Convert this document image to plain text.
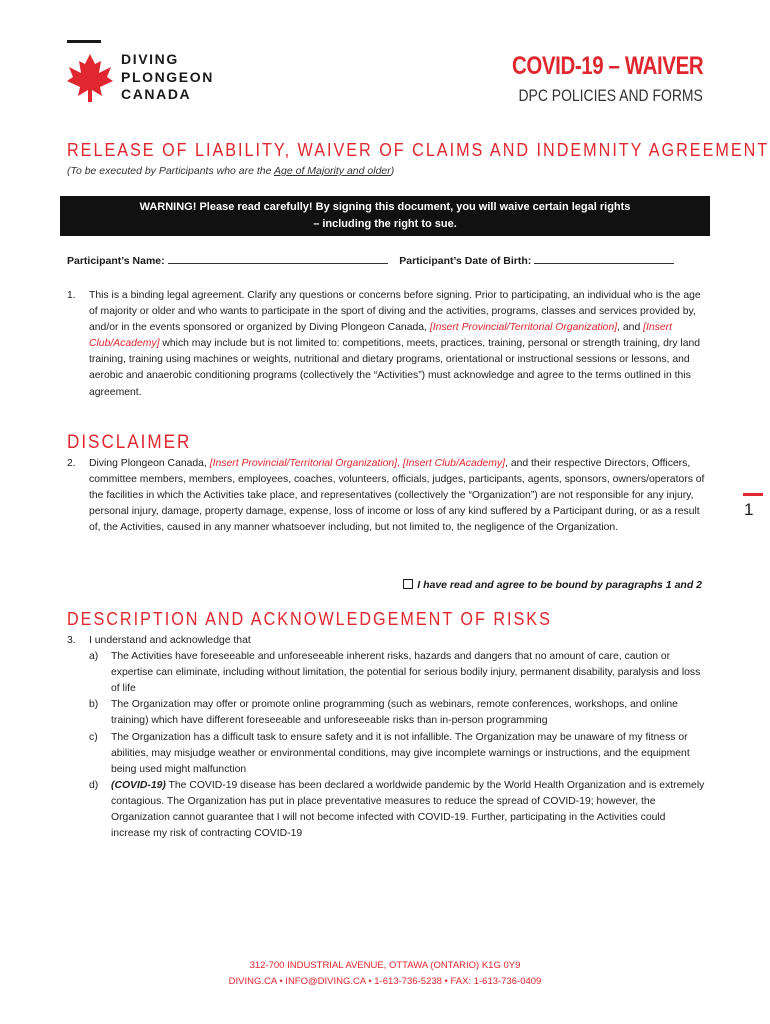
DIVING
PLONGEON
CANADA
COVID-19 – WAIVER
DPC POLICIES AND FORMS
RELEASE OF LIABILITY, WAIVER OF CLAIMS AND INDEMNITY AGREEMENT
(To be executed by Participants who are the Age of Majority and older)
WARNING! Please read carefully! By signing this document, you will waive certain legal rights
– including the right to sue.
Participant’s Name:	Participant’s Date of Birth:
1. This is a binding legal agreement. Clarify any questions or concerns before signing. Prior to participating, an individual who is the age of majority or older and who wants to participate in the sport of diving and the activities, programs, classes and services provided by, and/or in the events sponsored or organized by Diving Plongeon Canada, [Insert Provincial/Territorial Organization], and [Insert Club/Academy] which may include but is not limited to: competitions, meets, practices, training, personal or strength training, dry land training, training using machines or weights, nutritional and dietary programs, orientational or instructional sessions or lessons, and aerobic and anaerobic conditioning programs (collectively the “Activities”) must acknowledge and agree to the terms outlined in this agreement.
DISCLAIMER
2. Diving Plongeon Canada, [Insert Provincial/Territorial Organization], [Insert Club/Academy], and their respective Directors, Officers, committee members, members, employees, coaches, volunteers, officials, judges, participants, agents, sponsors, owners/operators of the facilities in which the Activities take place, and representatives (collectively the “Organization”) are not responsible for any injury, personal injury, damage, property damage, expense, loss of income or loss of any kind suffered by a Participant during, or as a result of, the Activities, caused in any manner whatsoever including, but not limited to, the negligence of the Organization.
I have read and agree to be bound by paragraphs 1 and 2
DESCRIPTION AND ACKNOWLEDGEMENT OF RISKS
3. I understand and acknowledge that
a) The Activities have foreseeable and unforeseeable inherent risks, hazards and dangers that no amount of care, caution or expertise can eliminate, including without limitation, the potential for serious bodily injury, permanent disability, paralysis and loss of life
b) The Organization may offer or promote online programming (such as webinars, remote conferences, workshops, and online training) which have different foreseeable and unforeseeable risks than in-person programming
c) The Organization has a difficult task to ensure safety and it is not infallible. The Organization may be unaware of my fitness or abilities, may misjudge weather or environmental conditions, may give incomplete warnings or instructions, and the equipment being used might malfunction
d) (COVID-19) The COVID-19 disease has been declared a worldwide pandemic by the World Health Organization and is extremely contagious. The Organization has put in place preventative measures to reduce the spread of COVID-19; however, the Organization cannot guarantee that I will not become infected with COVID-19. Further, participating in the Activities could increase my risk of contracting COVID-19
1
312-700 INDUSTRIAL AVENUE, OTTAWA (ONTARIO) K1G 0Y9
DIVING.CA • INFO@DIVING.CA • 1-613-736-5238 • FAX: 1-613-736-0409
